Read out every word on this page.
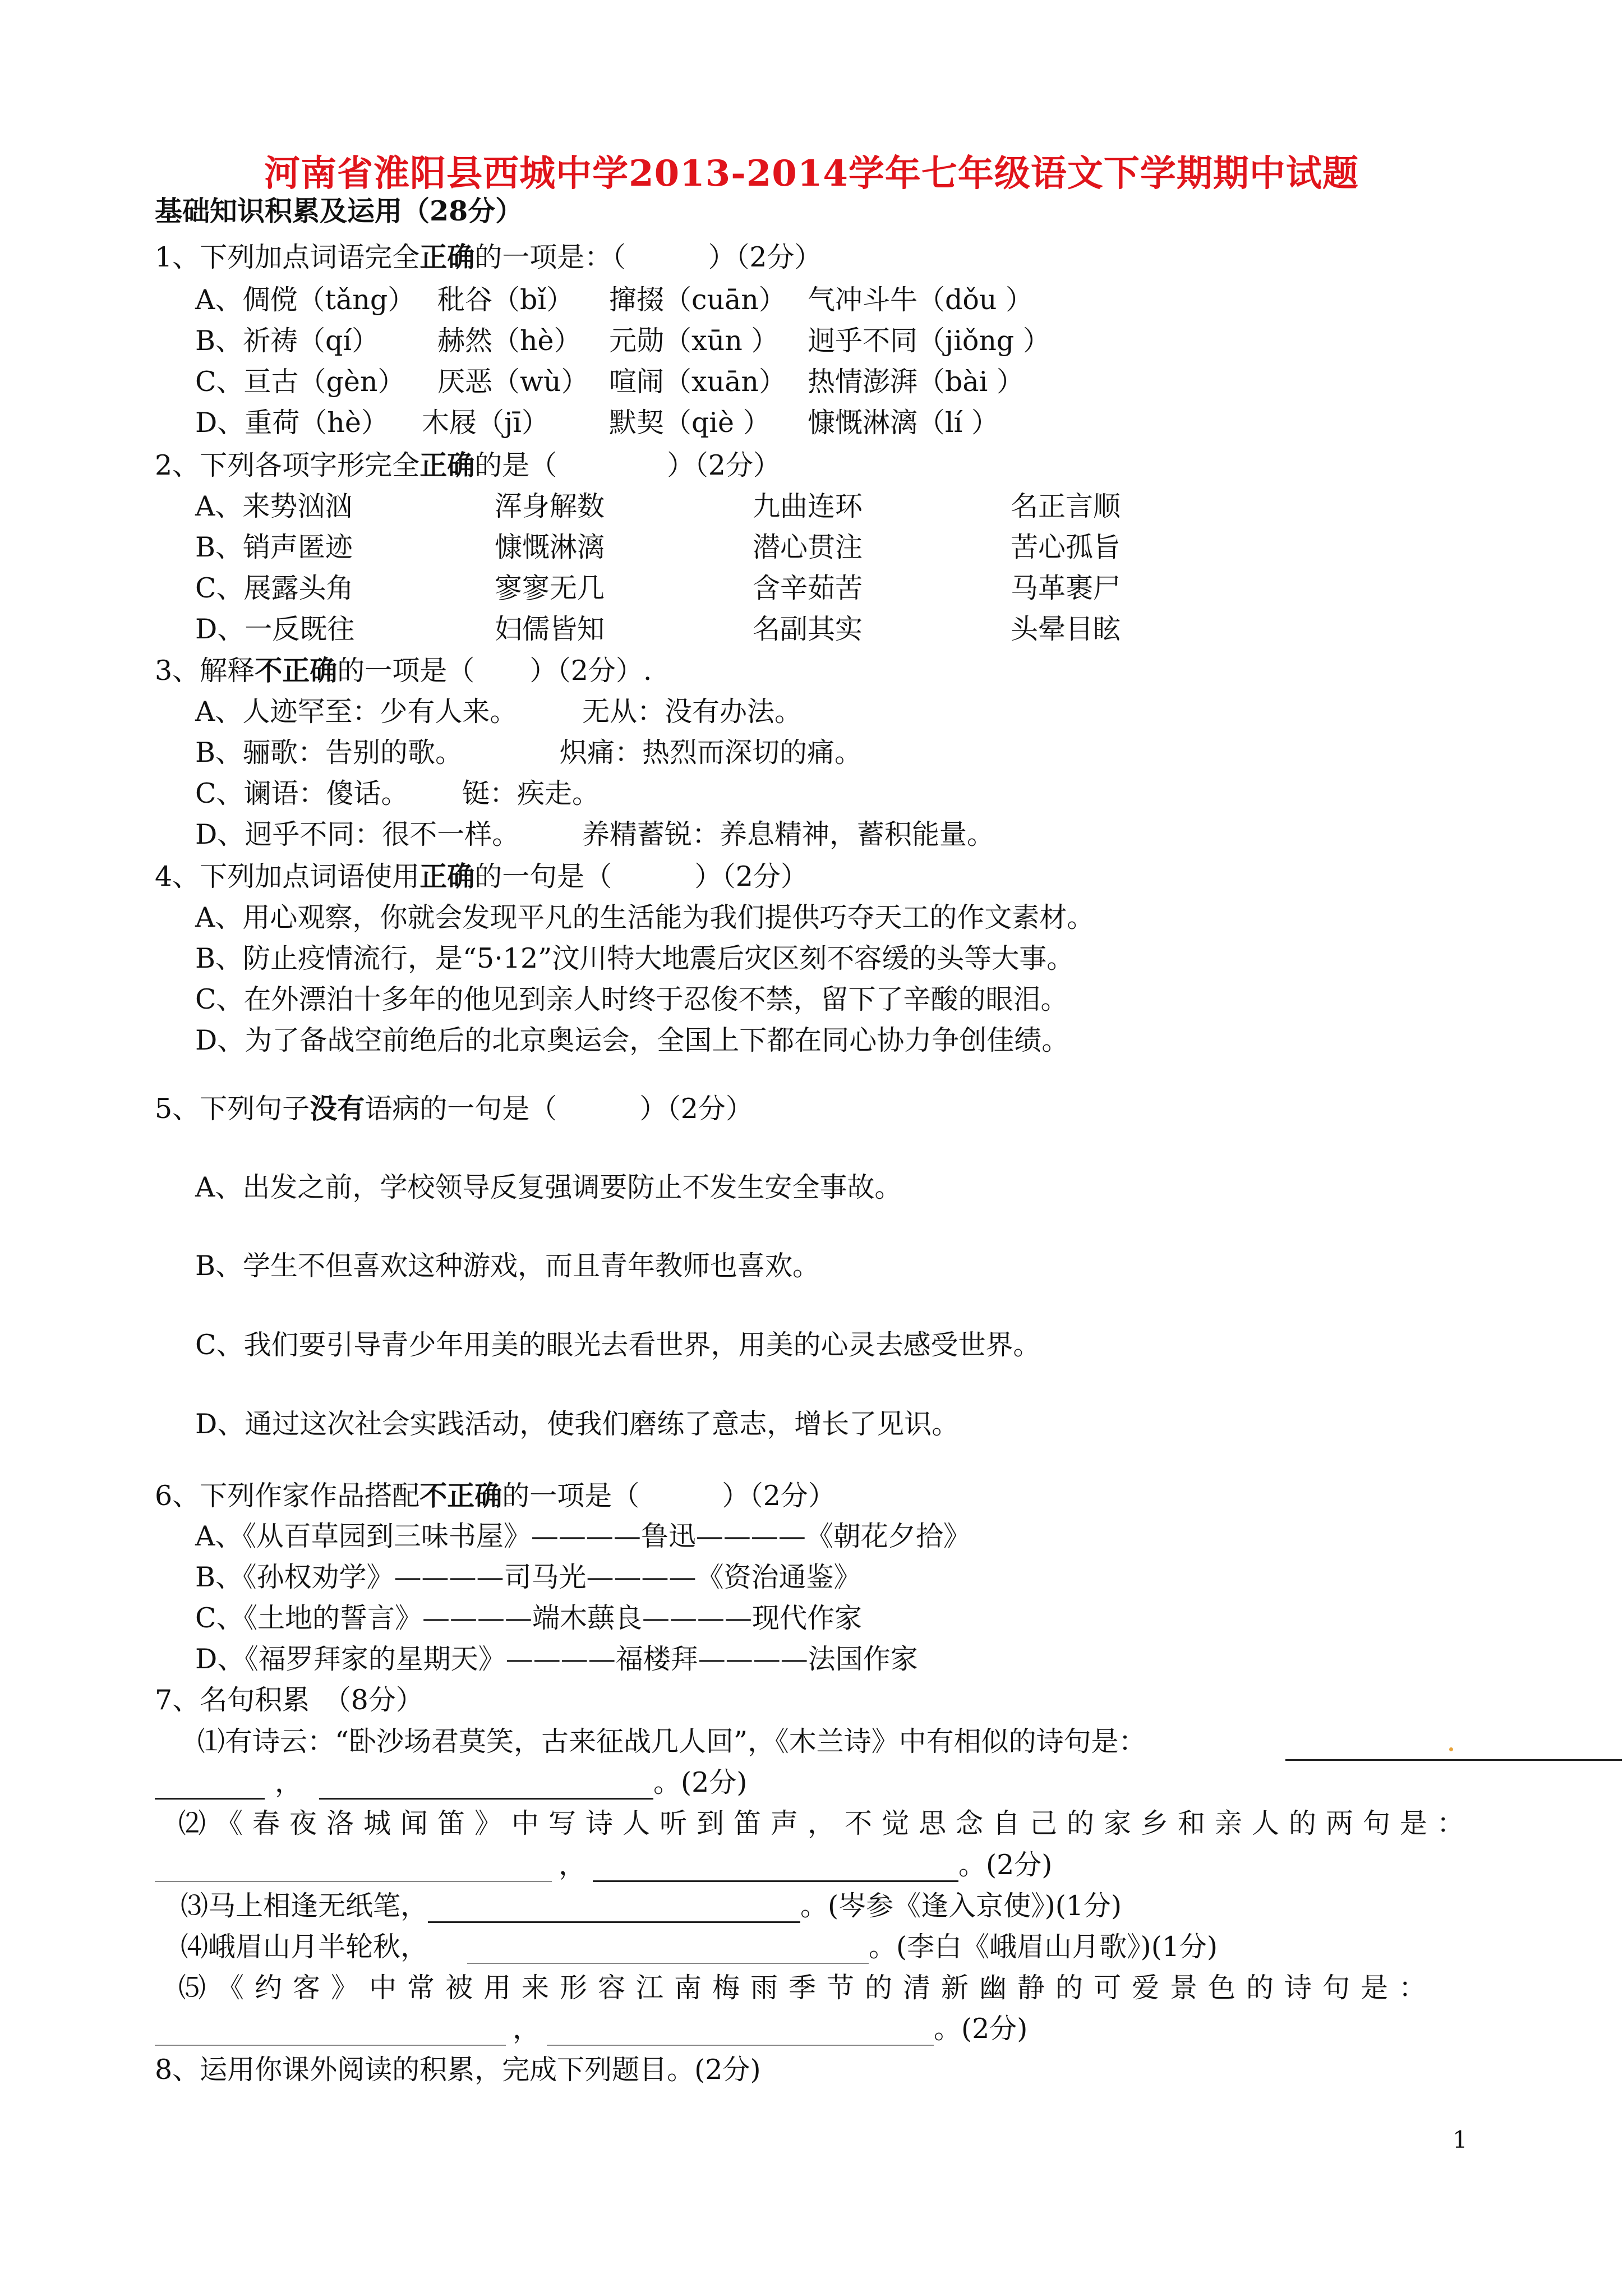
河南省淮阳县西城中学2013-2014学年七年级语文下学期期中试题
基础知识积累及运用（28分）
1、下列加点词语完全正确的一项是：（　　　）（2分）
A、倜傥（tǎng） 秕谷（bǐ） 撺掇（cuān） 气冲斗牛（dǒu ）
B、祈祷（qí） 赫然（hè） 元勋（xūn ） 迥乎不同（jiǒng ）
C、亘古（gèn） 厌恶（wù） 喧闹（xuān） 热情澎湃（bài ）
D、重荷（hè） 木屐（jī） 默契（qiè ） 慷慨淋漓（lí ）
2、下列各项字形完全正确的是（　　　　）（2分）
A、来势汹汹	浑身解数	九曲连环	名正言顺
B、销声匿迹	慷慨淋漓	潜心贯注	苦心孤旨
C、展露头角	寥寥无几	含辛茹苦	马革裹尸
D、一反既往	妇儒皆知	名副其实	头晕目眩
3、解释不正确的一项是（　　）（2分）.
A、人迹罕至：少有人来。 无从：没有办法。
B、骊歌：告别的歌。	炽痛：热烈而深切的痛。
C、谰语：傻话。 铤：疾走。
D、迥乎不同：很不一样。 养精蓄锐：养息精神，蓄积能量。
4、下列加点词语使用正确的一句是（　　　）（2分）
A、用心观察，你就会发现平凡的生活能为我们提供巧夺天工的作文素材。
B、防止疫情流行，是“5·12”汶川特大地震后灾区刻不容缓的头等大事。
C、在外漂泊十多年的他见到亲人时终于忍俊不禁，留下了辛酸的眼泪。
D、为了备战空前绝后的北京奥运会，全国上下都在同心协力争创佳绩。
5、下列句子没有语病的一句是（　　　）（2分）
A、出发之前，学校领导反复强调要防止不发生安全事故。
B、学生不但喜欢这种游戏，而且青年教师也喜欢。
C、我们要引导青少年用美的眼光去看世界，用美的心灵去感受世界。
D、通过这次社会实践活动，使我们磨练了意志，增长了见识。
6、下列作家作品搭配不正确的一项是（　　　）（2分）
A、《从百草园到三味书屋》————鲁迅————《朝花夕拾》
B、《孙权劝学》————司马光————《资治通鉴》
C、《土地的誓言》————端木蕻良————现代作家
D、《福罗拜家的星期天》————福楼拜————法国作家
7、名句积累　（8分）
⑴有诗云：“卧沙场君莫笑，古来征战几人回”，《木兰诗》中有相似的诗句是：
，	。(2分)
⑵《春夜洛城闻笛》中写诗人听到笛声，不觉思念自己的家乡和亲人的两句是：
，	。(2分)
⑶马上相逢无纸笔，	。(岑参《逢入京使》)(1分)
⑷峨眉山月半轮秋，	。(李白《峨眉山月歌》)(1分)
⑸《约客》中常被用来形容江南梅雨季节的清新幽静的可爱景色的诗句是：
，	。(2分)
8、运用你课外阅读的积累，完成下列题目。(2分)
1
